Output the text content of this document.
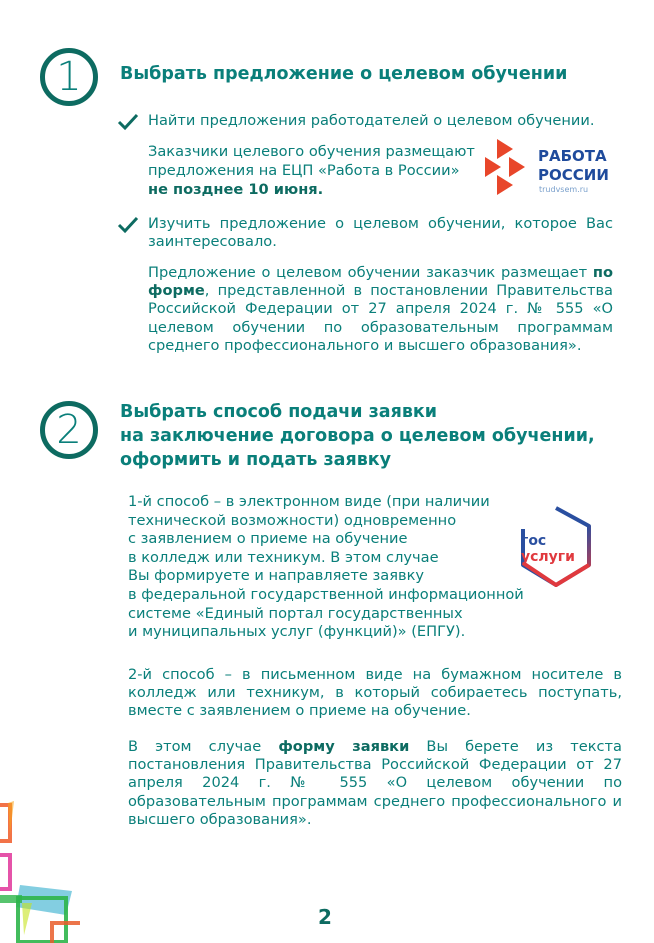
1 Выбрать предложение о целевом обучении
Найти предложения работодателей о целевом обучении.
Заказчики целевого обучения размещают
предложения на ЕЦП «Работа в России»
не позднее 10 июня.
РАБОТА
РОССИИ
trudvsem.ru
Изучить предложение о целевом обучении, которое Вас заинтересовало.
Предложение о целевом обучении заказчик размещает по форме, представленной в постановлении Правительства Российской Федерации от 27 апреля 2024 г. № 555 «О целевом обучении по образовательным программам среднего профессионального и высшего образования».
2 Выбрать способ подачи заявки
на заключение договора о целевом обучении,
оформить и подать заявку
1-й способ – в электронном виде (при наличии
технической возможности) одновременно
с заявлением о приеме на обучение
в колледж или техникум. В этом случае
Вы формируете и направляете заявку
в федеральной государственной информационной
системе «Единый портал государственных
и муниципальных услуг (функций)» (ЕПГУ).
гос
услуги
2-й способ – в письменном виде на бумажном носителе в колледж или техникум, в который собираетесь поступать, вместе с заявлением о приеме на обучение.
В этом случае форму заявки Вы берете из текста постановления Правительства Российской Федерации от 27 апреля 2024 г. № 555 «О целевом обучении по образовательным программам среднего профессионального и высшего образования».
2
